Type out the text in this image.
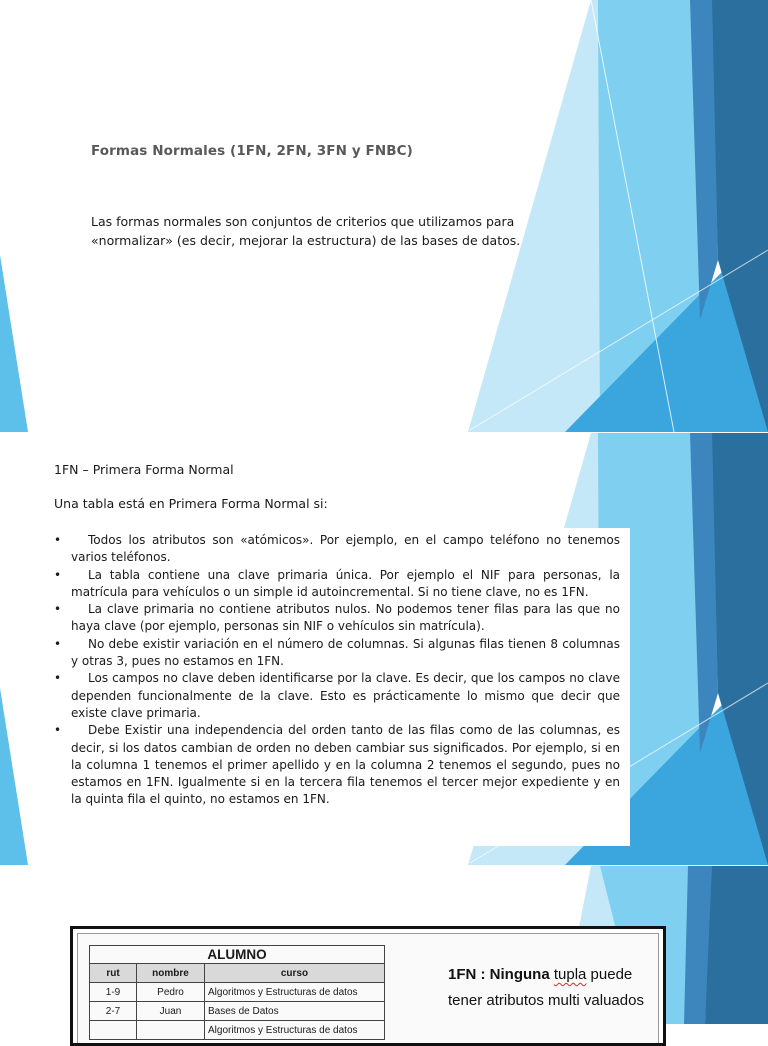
Formas Normales (1FN, 2FN, 3FN y FNBC)
Las formas normales son conjuntos de criterios que utilizamos para
«normalizar» (es decir, mejorar la estructura) de las bases de datos.
1FN – Primera Forma Normal
Una tabla está en Primera Forma Normal si:
• Todos los atributos son «atómicos». Por ejemplo, en el campo teléfono no tenemos varios teléfonos.
• La tabla contiene una clave primaria única. Por ejemplo el NIF para personas, la matrícula para vehículos o un simple id autoincremental. Si no tiene clave, no es 1FN.
• La clave primaria no contiene atributos nulos. No podemos tener filas para las que no haya clave (por ejemplo, personas sin NIF o vehículos sin matrícula).
• No debe existir variación en el número de columnas. Si algunas filas tienen 8 columnas y otras 3, pues no estamos en 1FN.
• Los campos no clave deben identificarse por la clave. Es decir, que los campos no clave dependen funcionalmente de la clave. Esto es prácticamente lo mismo que decir que existe clave primaria.
• Debe Existir una independencia del orden tanto de las filas como de las columnas, es decir, si los datos cambian de orden no deben cambiar sus significados. Por ejemplo, si en la columna 1 tenemos el primer apellido y en la columna 2 tenemos el segundo, pues no estamos en 1FN. Igualmente si en la tercera fila tenemos el tercer mejor expediente y en la quinta fila el quinto, no estamos en 1FN.
ALUMNO
rut	nombre	curso
1-9	Pedro	Algoritmos y Estructuras de datos
2-7	Juan	Bases de Datos
		Algoritmos y Estructuras de datos
1FN : Ninguna tupla puede
tener atributos multi valuados
